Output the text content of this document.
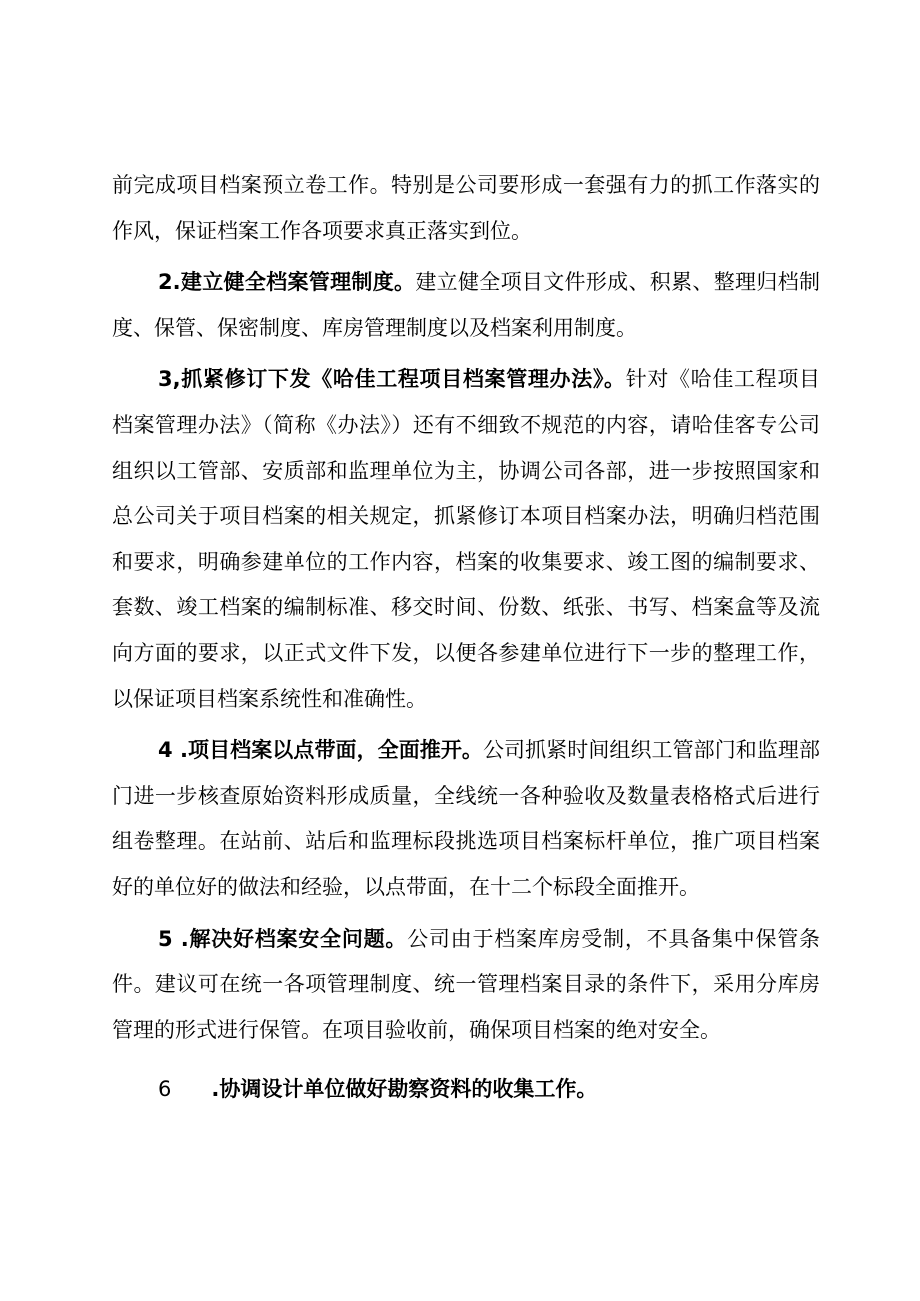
前完成项目档案预立卷工作。特别是公司要形成一套强有力的抓工作落实的作风，保证档案工作各项要求真正落实到位。

2.建立健全档案管理制度。建立健全项目文件形成、积累、整理归档制度、保管、保密制度、库房管理制度以及档案利用制度。

3,抓紧修订下发《哈佳工程项目档案管理办法》。针对《哈佳工程项目档案管理办法》（简称《办法》）还有不细致不规范的内容，请哈佳客专公司组织以工管部、安质部和监理单位为主，协调公司各部，进一步按照国家和总公司关于项目档案的相关规定，抓紧修订本项目档案办法，明确归档范围和要求，明确参建单位的工作内容，档案的收集要求、竣工图的编制要求、套数、竣工档案的编制标准、移交时间、份数、纸张、书写、档案盒等及流向方面的要求，以正式文件下发，以便各参建单位进行下一步的整理工作，以保证项目档案系统性和准确性。

4 .项目档案以点带面，全面推开。公司抓紧时间组织工管部门和监理部门进一步核查原始资料形成质量，全线统一各种验收及数量表格格式后进行组卷整理。在站前、站后和监理标段挑选项目档案标杆单位，推广项目档案好的单位好的做法和经验，以点带面，在十二个标段全面推开。

5 .解决好档案安全问题。公司由于档案库房受制，不具备集中保管条件。建议可在统一各项管理制度、统一管理档案目录的条件下，采用分库房管理的形式进行保管。在项目验收前，确保项目档案的绝对安全。

6 .协调设计单位做好勘察资料的收集工作。
